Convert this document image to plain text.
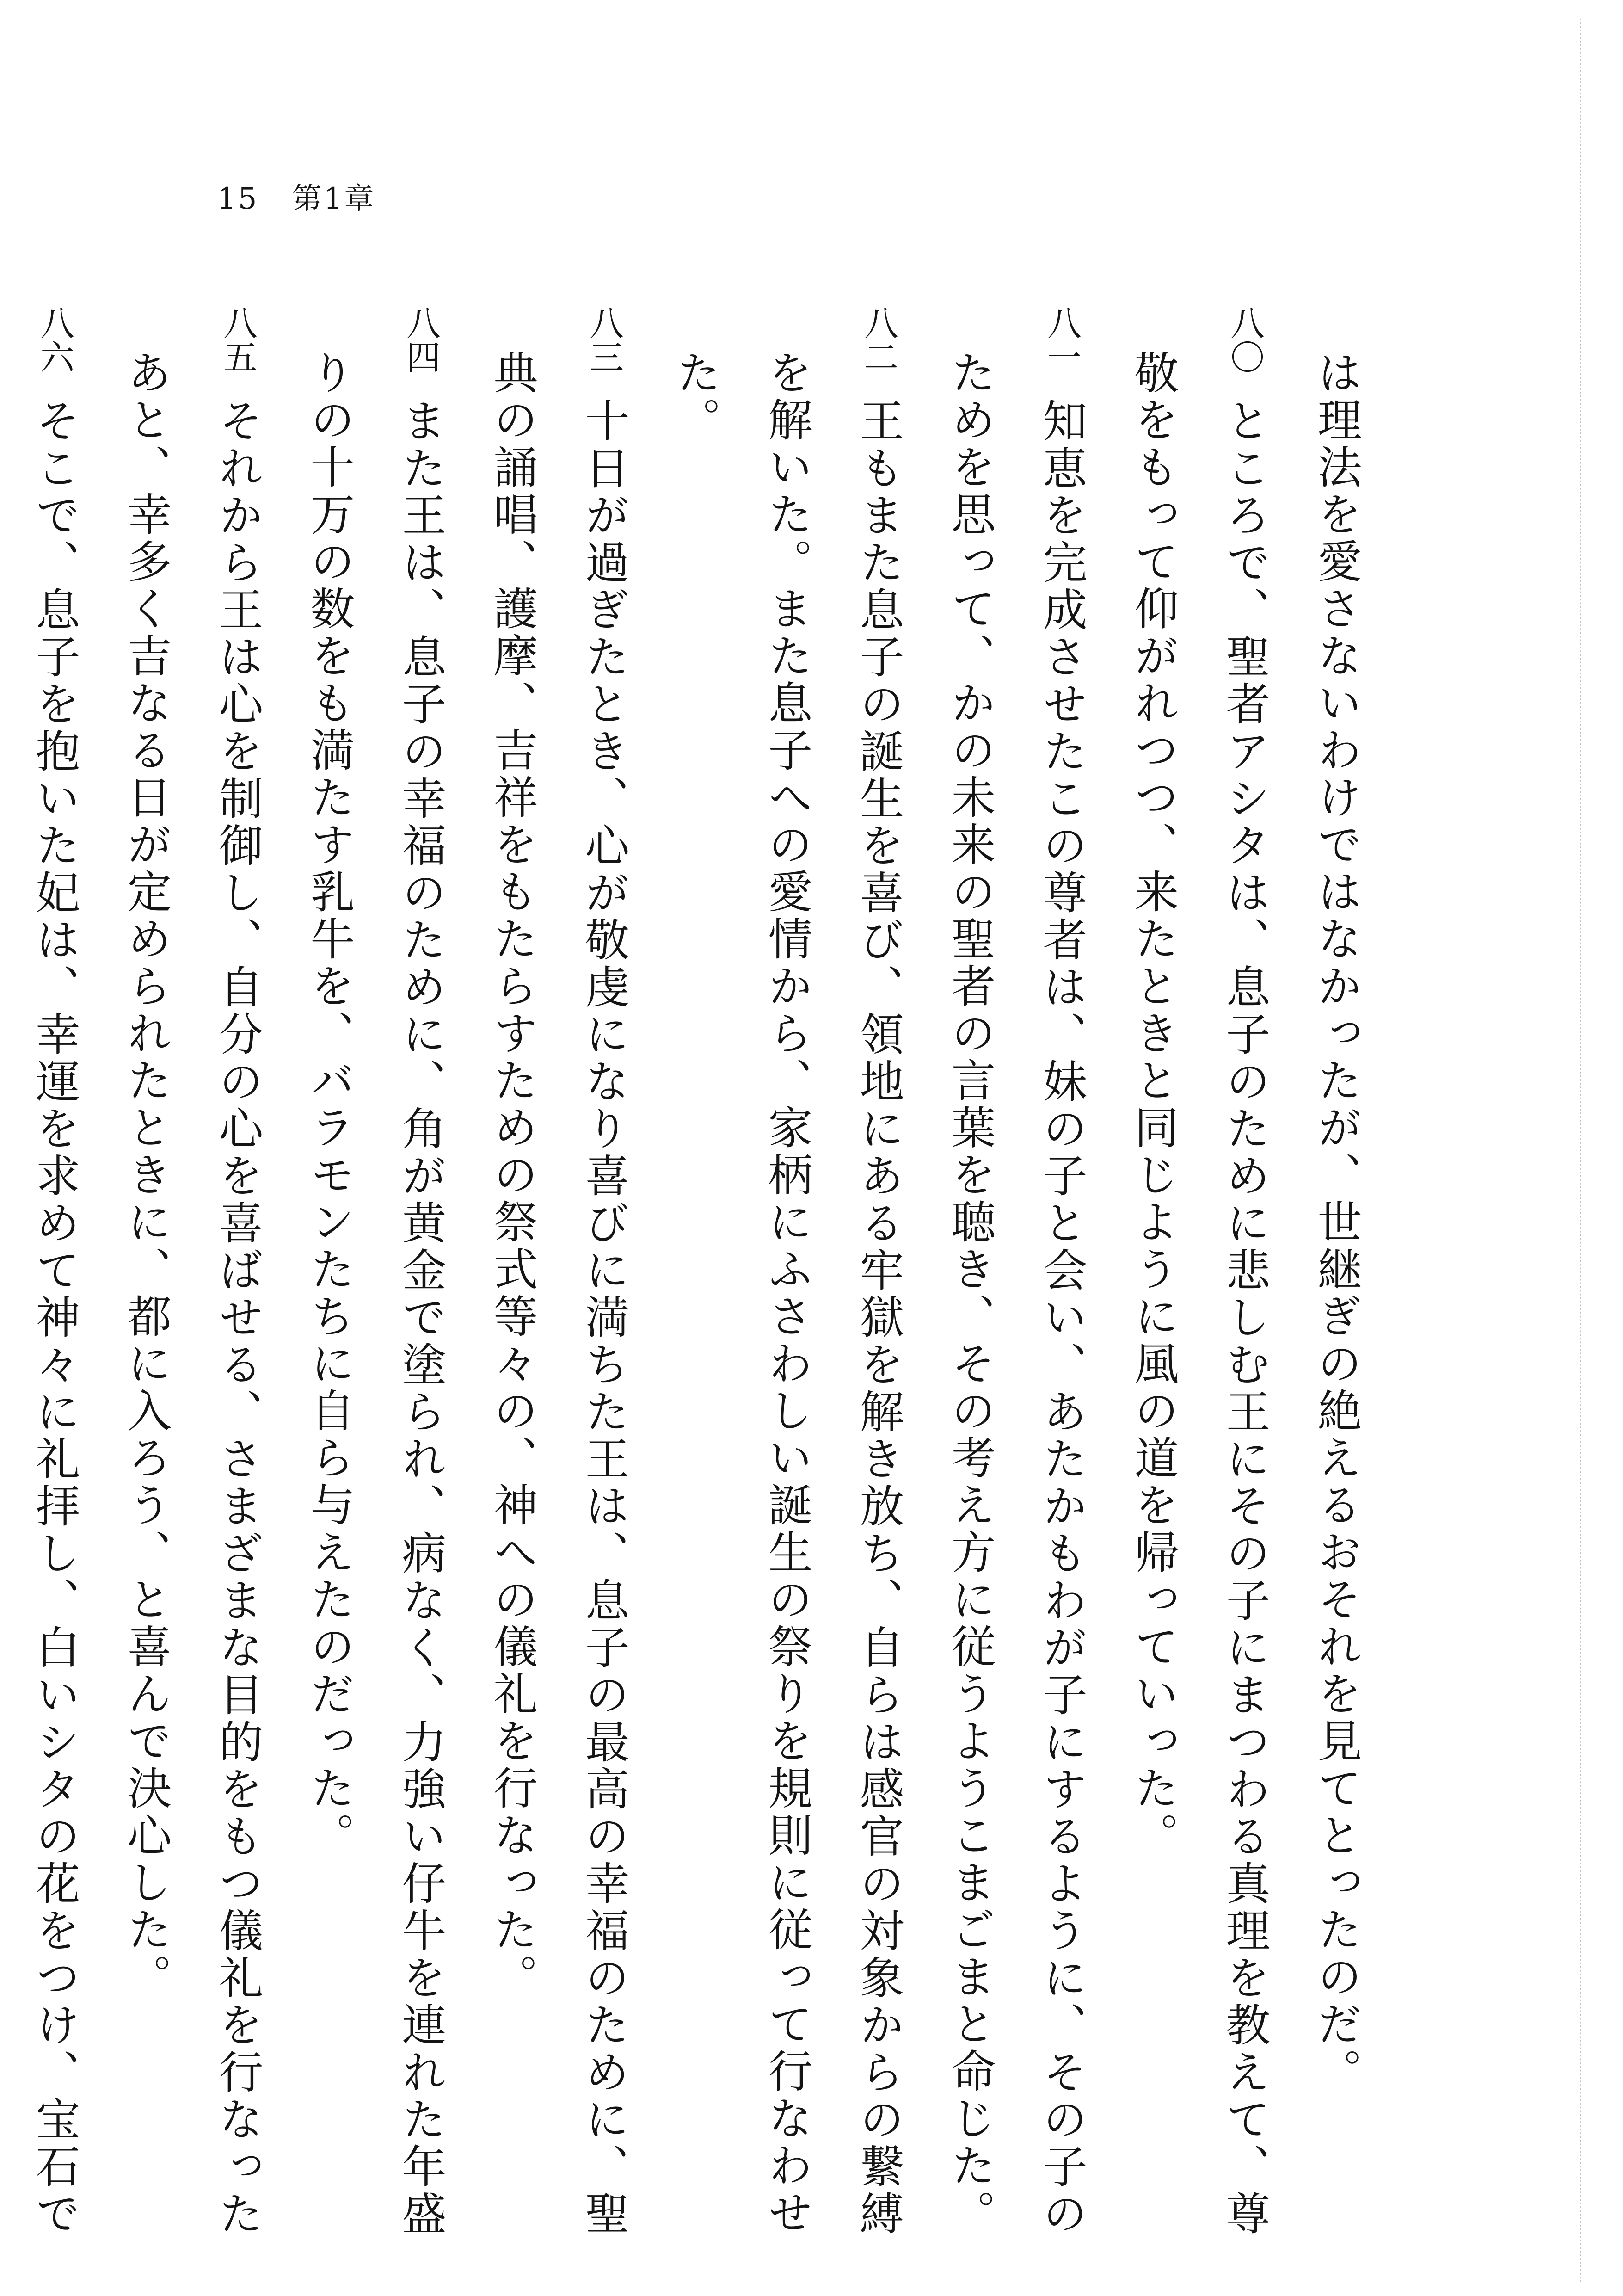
15 第1章
は理法を愛さないわけではなかったが、世継ぎの絶えるおそれを見てとったのだ。
八〇ところで、聖者アシタは、息子のために悲しむ王にその子にまつわる真理を教えて、尊
敬をもって仰がれつつ、来たときと同じように風の道を帰っていった。
八一知恵を完成させたこの尊者は、妹の子と会い、あたかもわが子にするように、その子の
ためを思って、かの未来の聖者の言葉を聴き、その考え方に従うようこまごまと命じた。
八二王もまた息子の誕生を喜び、領地にある牢獄を解き放ち、自らは感官の対象からの繋縛
を解いた。また息子への愛情から、家柄にふさわしい誕生の祭りを規則に従って行なわせ
た。
八三十日が過ぎたとき、心が敬虔になり喜びに満ちた王は、息子の最高の幸福のために、聖
典の誦唱、護摩、吉祥をもたらすための祭式等々の、神への儀礼を行なった。
八四また王は、息子の幸福のために、角が黄金で塗られ、病なく、力強い仔牛を連れた年盛
りの十万の数をも満たす乳牛を、バラモンたちに自ら与えたのだった。
八五それから王は心を制御し、自分の心を喜ばせる、さまざまな目的をもつ儀礼を行なった
あと、幸多く吉なる日が定められたときに、都に入ろう、と喜んで決心した。
八六そこで、息子を抱いた妃は、幸運を求めて神々に礼拝し、白いシタの花をつけ、宝石で
